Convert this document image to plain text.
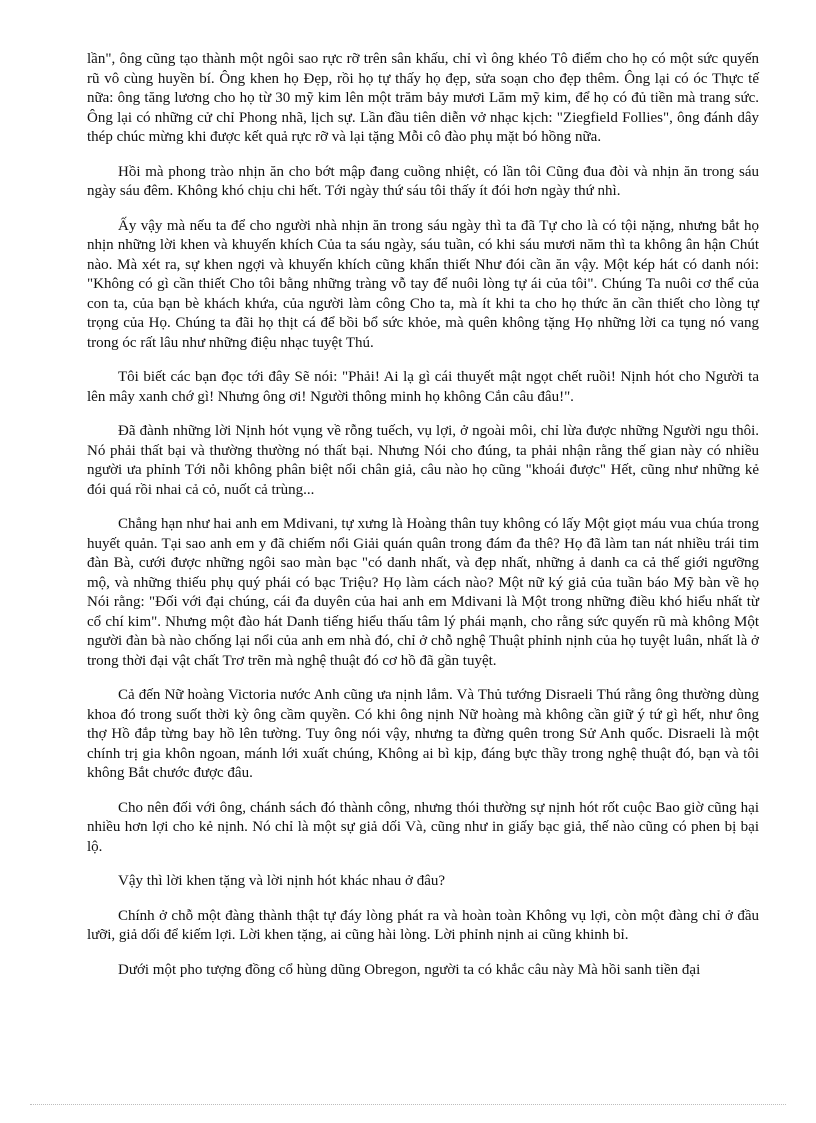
lần", ông cũng tạo thành một ngôi sao rực rỡ trên sân khấu, chỉ vì ông khéo Tô điểm cho họ có một sức quyến rũ vô cùng huyền bí. Ông khen họ Đẹp, rồi họ tự thấy họ đẹp, sửa soạn cho đẹp thêm. Ông lại có óc Thực tế nữa: ông tăng lương cho họ từ 30 mỹ kim lên một trăm bảy mươi Lăm mỹ kim, để họ có đủ tiền mà trang sức. Ông lại có những cử chỉ Phong nhã, lịch sự. Lần đầu tiên diễn vở nhạc kịch: "Ziegfield Follies", ông đánh dây thép chúc mừng khi được kết quả rực rỡ và lại tặng Mỗi cô đào phụ mặt bó hồng nữa.

Hồi mà phong trào nhịn ăn cho bớt mập đang cuồng nhiệt, có lần tôi Cũng đua đòi và nhịn ăn trong sáu ngày sáu đêm. Không khó chịu chi hết. Tới ngày thứ sáu tôi thấy ít đói hơn ngày thứ nhì.

Ấy vậy mà nếu ta để cho người nhà nhịn ăn trong sáu ngày thì ta đã Tự cho là có tội nặng, nhưng bắt họ nhịn những lời khen và khuyến khích Của ta sáu ngày, sáu tuần, có khi sáu mươi năm thì ta không ân hận Chút nào. Mà xét ra, sự khen ngợi và khuyến khích cũng khẩn thiết Như đói cần ăn vậy. Một kép hát có danh nói: "Không có gì cần thiết Cho tôi bằng những tràng vỗ tay để nuôi lòng tự ái của tôi". Chúng Ta nuôi cơ thể của con ta, của bạn bè khách khứa, của người làm công Cho ta, mà ít khi ta cho họ thức ăn cần thiết cho lòng tự trọng của Họ. Chúng ta đãi họ thịt cá để bồi bổ sức khỏe, mà quên không tặng Họ những lời ca tụng nó vang trong óc rất lâu như những điệu nhạc tuyệt Thú.

Tôi biết các bạn đọc tới đây Sẽ nói: "Phải! Ai lạ gì cái thuyết mật ngọt chết ruồi! Nịnh hót cho Người ta lên mây xanh chớ gì! Nhưng ông ơi! Người thông minh họ không Cắn câu đâu!".

Đã đành những lời Nịnh hót vụng về rỗng tuếch, vụ lợi, ở ngoài môi, chỉ lừa được những Người ngu thôi. Nó phải thất bại và thường thường nó thất bại. Nhưng Nói cho đúng, ta phải nhận rằng thế gian này có nhiều người ưa phỉnh Tới nỗi không phân biệt nổi chân giả, câu nào họ cũng "khoái được" Hết, cũng như những kẻ đói quá rồi nhai cả cỏ, nuốt cả trùng...

Chẳng hạn như hai anh em Mdivani, tự xưng là Hoàng thân tuy không có lấy Một giọt máu vua chúa trong huyết quản. Tại sao anh em y đã chiếm nổi Giải quán quân trong đám đa thê? Họ đã làm tan nát nhiều trái tim đàn Bà, cưới được những ngôi sao màn bạc "có danh nhất, và đẹp nhất, những ả danh ca cả thế giới ngưỡng mộ, và những thiếu phụ quý phái có bạc Triệu? Họ làm cách nào? Một nữ ký giả của tuần báo Mỹ bàn về họ Nói rằng: "Đối với đại chúng, cái đa duyên của hai anh em Mdivani là Một trong những điều khó hiểu nhất từ cổ chí kim". Nhưng một đào hát Danh tiếng hiểu thấu tâm lý phái mạnh, cho rằng sức quyến rũ mà không Một người đàn bà nào chống lại nổi của anh em nhà đó, chỉ ở chỗ nghệ Thuật phỉnh nịnh của họ tuyệt luân, nhất là ở trong thời đại vật chất Trơ trẽn mà nghệ thuật đó cơ hồ đã gần tuyệt.

Cả đến Nữ hoàng Victoria nước Anh cũng ưa nịnh lắm. Và Thủ tướng Disraeli Thú rằng ông thường dùng khoa đó trong suốt thời kỳ ông cầm quyền. Có khi ông nịnh Nữ hoàng mà không cần giữ ý tứ gì hết, như ông thợ Hồ đắp từng bay hồ lên tường. Tuy ông nói vậy, nhưng ta đừng quên trong Sử Anh quốc. Disraeli là một chính trị gia khôn ngoan, mánh lới xuất chúng, Không ai bì kịp, đáng bực thầy trong nghệ thuật đó, bạn và tôi không Bắt chước được đâu.

Cho nên đối với ông, chánh sách đó thành công, nhưng thói thường sự nịnh hót rốt cuộc Bao giờ cũng hại nhiều hơn lợi cho kẻ nịnh. Nó chỉ là một sự giả dối Và, cũng như in giấy bạc giả, thế nào cũng có phen bị bại lộ.

Vậy thì lời khen tặng và lời nịnh hót khác nhau ở đâu?

Chính ở chỗ một đàng thành thật tự đáy lòng phát ra và hoàn toàn Không vụ lợi, còn một đàng chỉ ở đầu lưỡi, giả dối để kiếm lợi. Lời khen tặng, ai cũng hài lòng. Lời phỉnh nịnh ai cũng khinh bỉ.

Dưới một pho tượng đồng cổ hùng dũng Obregon, người ta có khắc câu này Mà hồi sanh tiền đại
